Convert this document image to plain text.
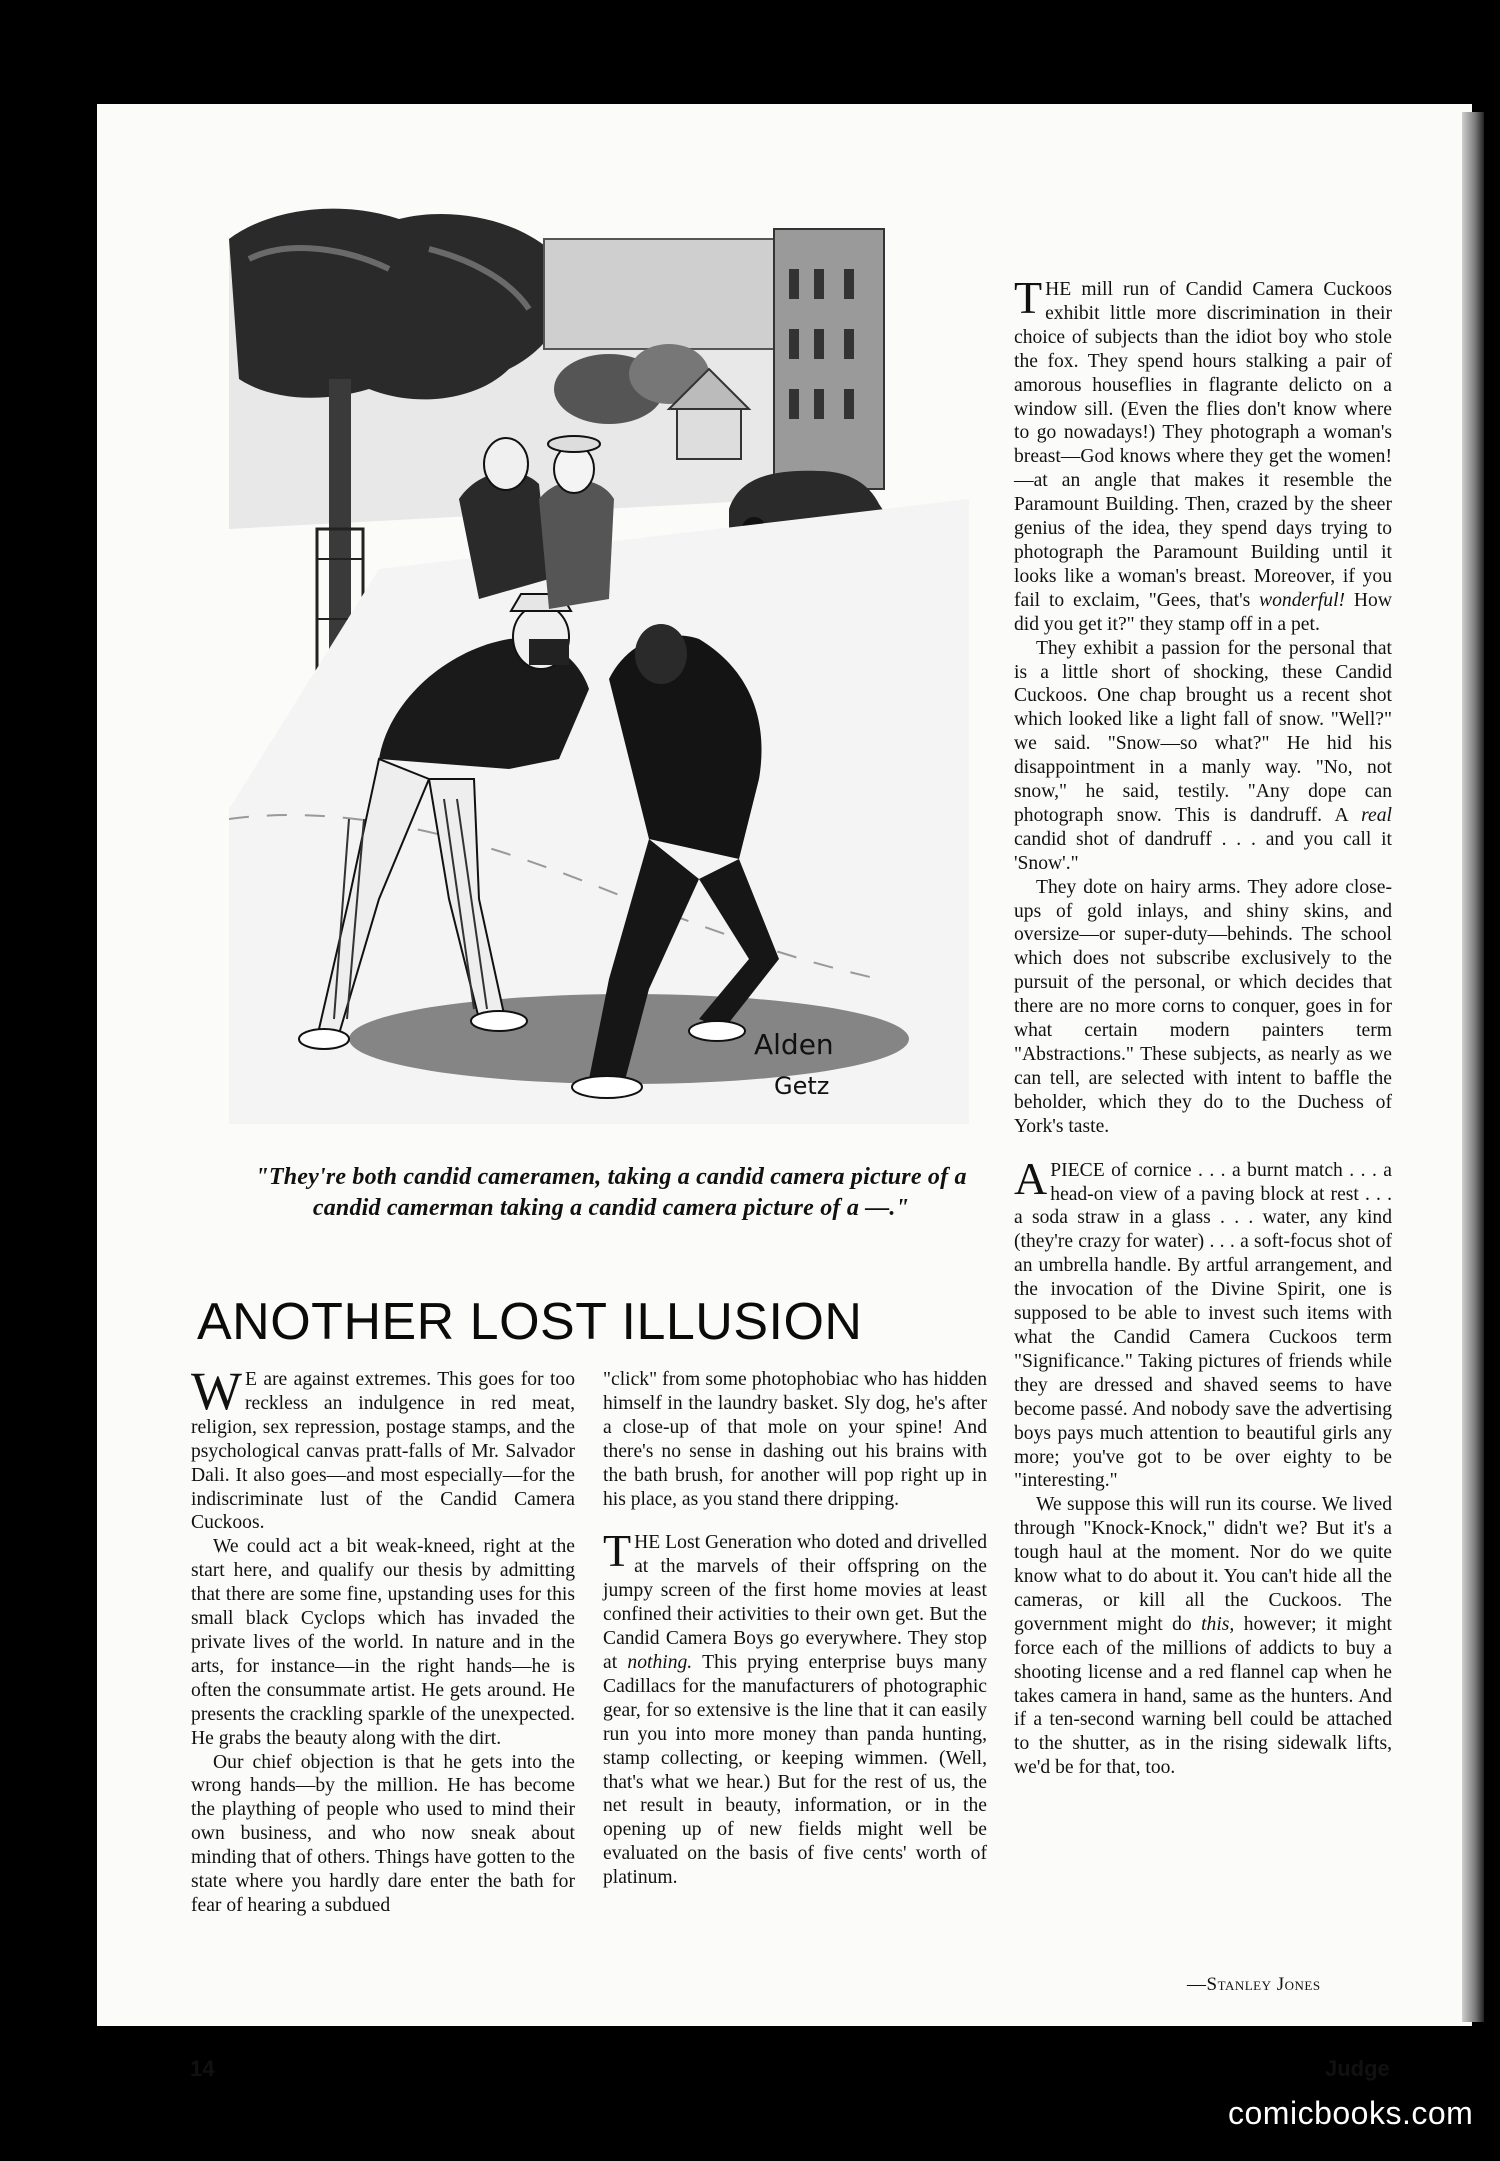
Alden
Getz
"They're both candid cameramen, taking a candid camera picture of a candid camerman taking a candid camera picture of a —."
ANOTHER LOST ILLUSION

W E are against extremes. This goes for too reckless an indulgence in red meat, religion, sex repression, postage stamps, and the psychological canvas pratt-falls of Mr. Salvador Dali. It also goes—and most especially—for the indiscriminate lust of the Candid Camera Cuckoos.

We could act a bit weak-kneed, right at the start here, and qualify our thesis by admitting that there are some fine, upstanding uses for this small black Cyclops which has invaded the private lives of the world. In nature and in the arts, for instance—in the right hands—he is often the consummate artist. He gets around. He presents the crackling sparkle of the unexpected. He grabs the beauty along with the dirt.

Our chief objection is that he gets into the wrong hands—by the million. He has become the plaything of people who used to mind their own business, and who now sneak about minding that of others. Things have gotten to the state where you hardly dare enter the bath for fear of hearing a subdued

"click" from some photophobiac who has hidden himself in the laundry basket. Sly dog, he's after a close-up of that mole on your spine! And there's no sense in dashing out his brains with the bath brush, for another will pop right up in his place, as you stand there dripping.

THE Lost Generation who doted and drivelled at the marvels of their offspring on the jumpy screen of the first home movies at least confined their activities to their own get. But the Candid Camera Boys go everywhere. They stop at nothing. This prying enterprise buys many Cadillacs for the manufacturers of photographic gear, for so extensive is the line that it can easily run you into more money than panda hunting, stamp collecting, or keeping wimmen. (Well, that's what we hear.) But for the rest of us, the net result in beauty, information, or in the opening up of new fields might well be evaluated on the basis of five cents' worth of platinum.

THE mill run of Candid Camera Cuckoos exhibit little more discrimination in their choice of subjects than the idiot boy who stole the fox. They spend hours stalking a pair of amorous houseflies in flagrante delicto on a window sill. (Even the flies don't know where to go nowadays!) They photograph a woman's breast—God knows where they get the women!—at an angle that makes it resemble the Paramount Building. Then, crazed by the sheer genius of the idea, they spend days trying to photograph the Paramount Building until it looks like a woman's breast. Moreover, if you fail to exclaim, "Gees, that's wonderful! How did you get it?" they stamp off in a pet.

They exhibit a passion for the personal that is a little short of shocking, these Candid Cuckoos. One chap brought us a recent shot which looked like a light fall of snow. "Well?" we said. "Snow—so what?" He hid his disappointment in a manly way. "No, not snow," he said, testily. "Any dope can photograph snow. This is dandruff. A real candid shot of dandruff . . . and you call it 'Snow'."

They dote on hairy arms. They adore close-ups of gold inlays, and shiny skins, and oversize—or super-duty—behinds. The school which does not subscribe exclusively to the pursuit of the personal, or which decides that there are no more corns to conquer, goes in for what certain modern painters term "Abstractions." These subjects, as nearly as we can tell, are selected with intent to baffle the beholder, which they do to the Duchess of York's taste.

A PIECE of cornice . . . a burnt match . . . a head-on view of a paving block at rest . . . a soda straw in a glass . . . water, any kind (they're crazy for water) . . . a soft-focus shot of an umbrella handle. By artful arrangement, and the invocation of the Divine Spirit, one is supposed to be able to invest such items with what the Candid Camera Cuckoos term "Significance." Taking pictures of friends while they are dressed and shaved seems to have become passé. And nobody save the advertising boys pays much attention to beautiful girls any more; you've got to be over eighty to be "interesting."

We suppose this will run its course. We lived through "Knock-Knock," didn't we? But it's a tough haul at the moment. Nor do we quite know what to do about it. You can't hide all the cameras, or kill all the Cuckoos. The government might do this, however; it might force each of the millions of addicts to buy a shooting license and a red flannel cap when he takes camera in hand, same as the hunters. And if a ten-second warning bell could be attached to the shutter, as in the rising sidewalk lifts, we'd be for that, too.

—Stanley Jones
14	Judge
comicbooks.com
